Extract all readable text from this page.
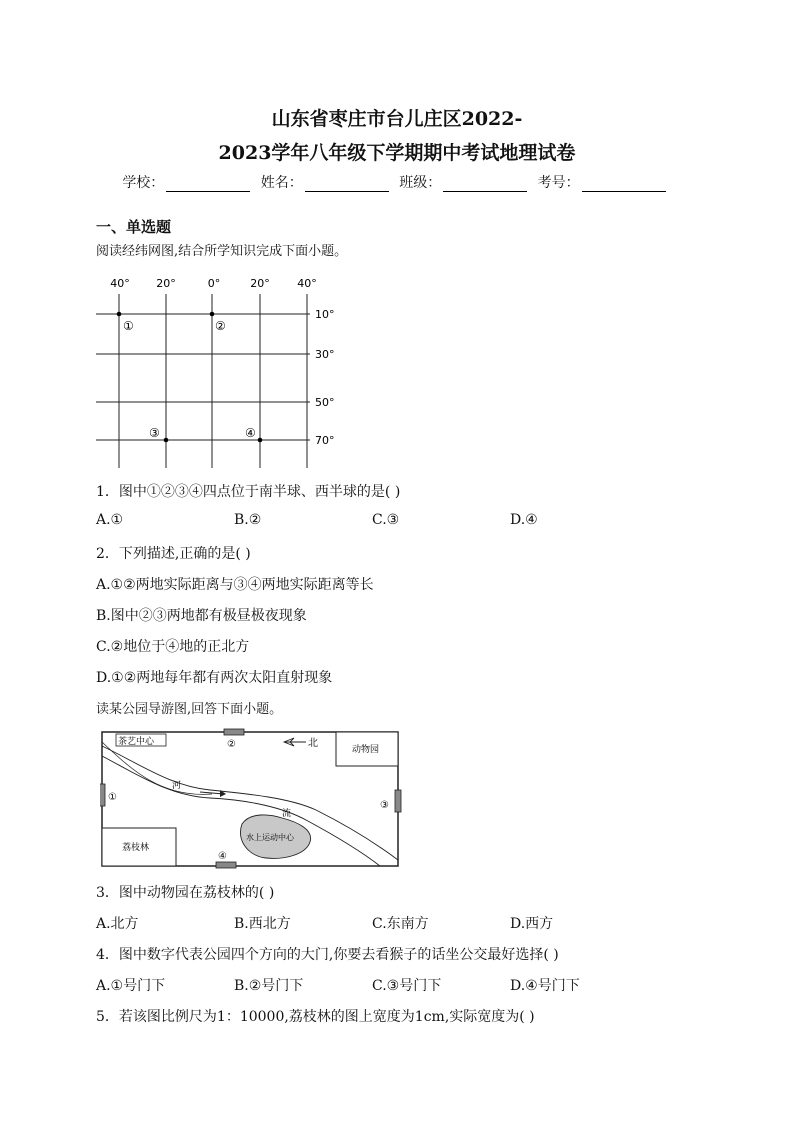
山东省枣庄市台儿庄区2022-
2023学年八年级下学期期中考试地理试卷
学校：	姓名：	班级：	考号：
一、单选题
阅读经纬网图,结合所学知识完成下面小题。
40° 20°	0°	20°	40°
10°
30°
50°
70°
①	②
③	④
1．图中①②③④四点位于南半球、西半球的是( )
A.①	B.②	C.③	D.④
2．下列描述,正确的是( )
A.①②两地实际距离与③④两地实际距离等长
B.图中②③两地都有极昼极夜现象
C.②地位于④地的正北方
D.①②两地每年都有两次太阳直射现象
读某公园导游图,回答下面小题。
茶艺中心	②	北
动物园
①
③
河
流
水上运动中心
荔枝林
④
3．图中动物园在荔枝林的( )
A.北方	B.西北方	C.东南方	D.西方
4．图中数字代表公园四个方向的大门,你要去看猴子的话坐公交最好选择( )
A.①号门下	B.②号门下	C.③号门下	D.④号门下
5．若该图比例尺为1：10000,荔枝林的图上宽度为1cm,实际宽度为( )
